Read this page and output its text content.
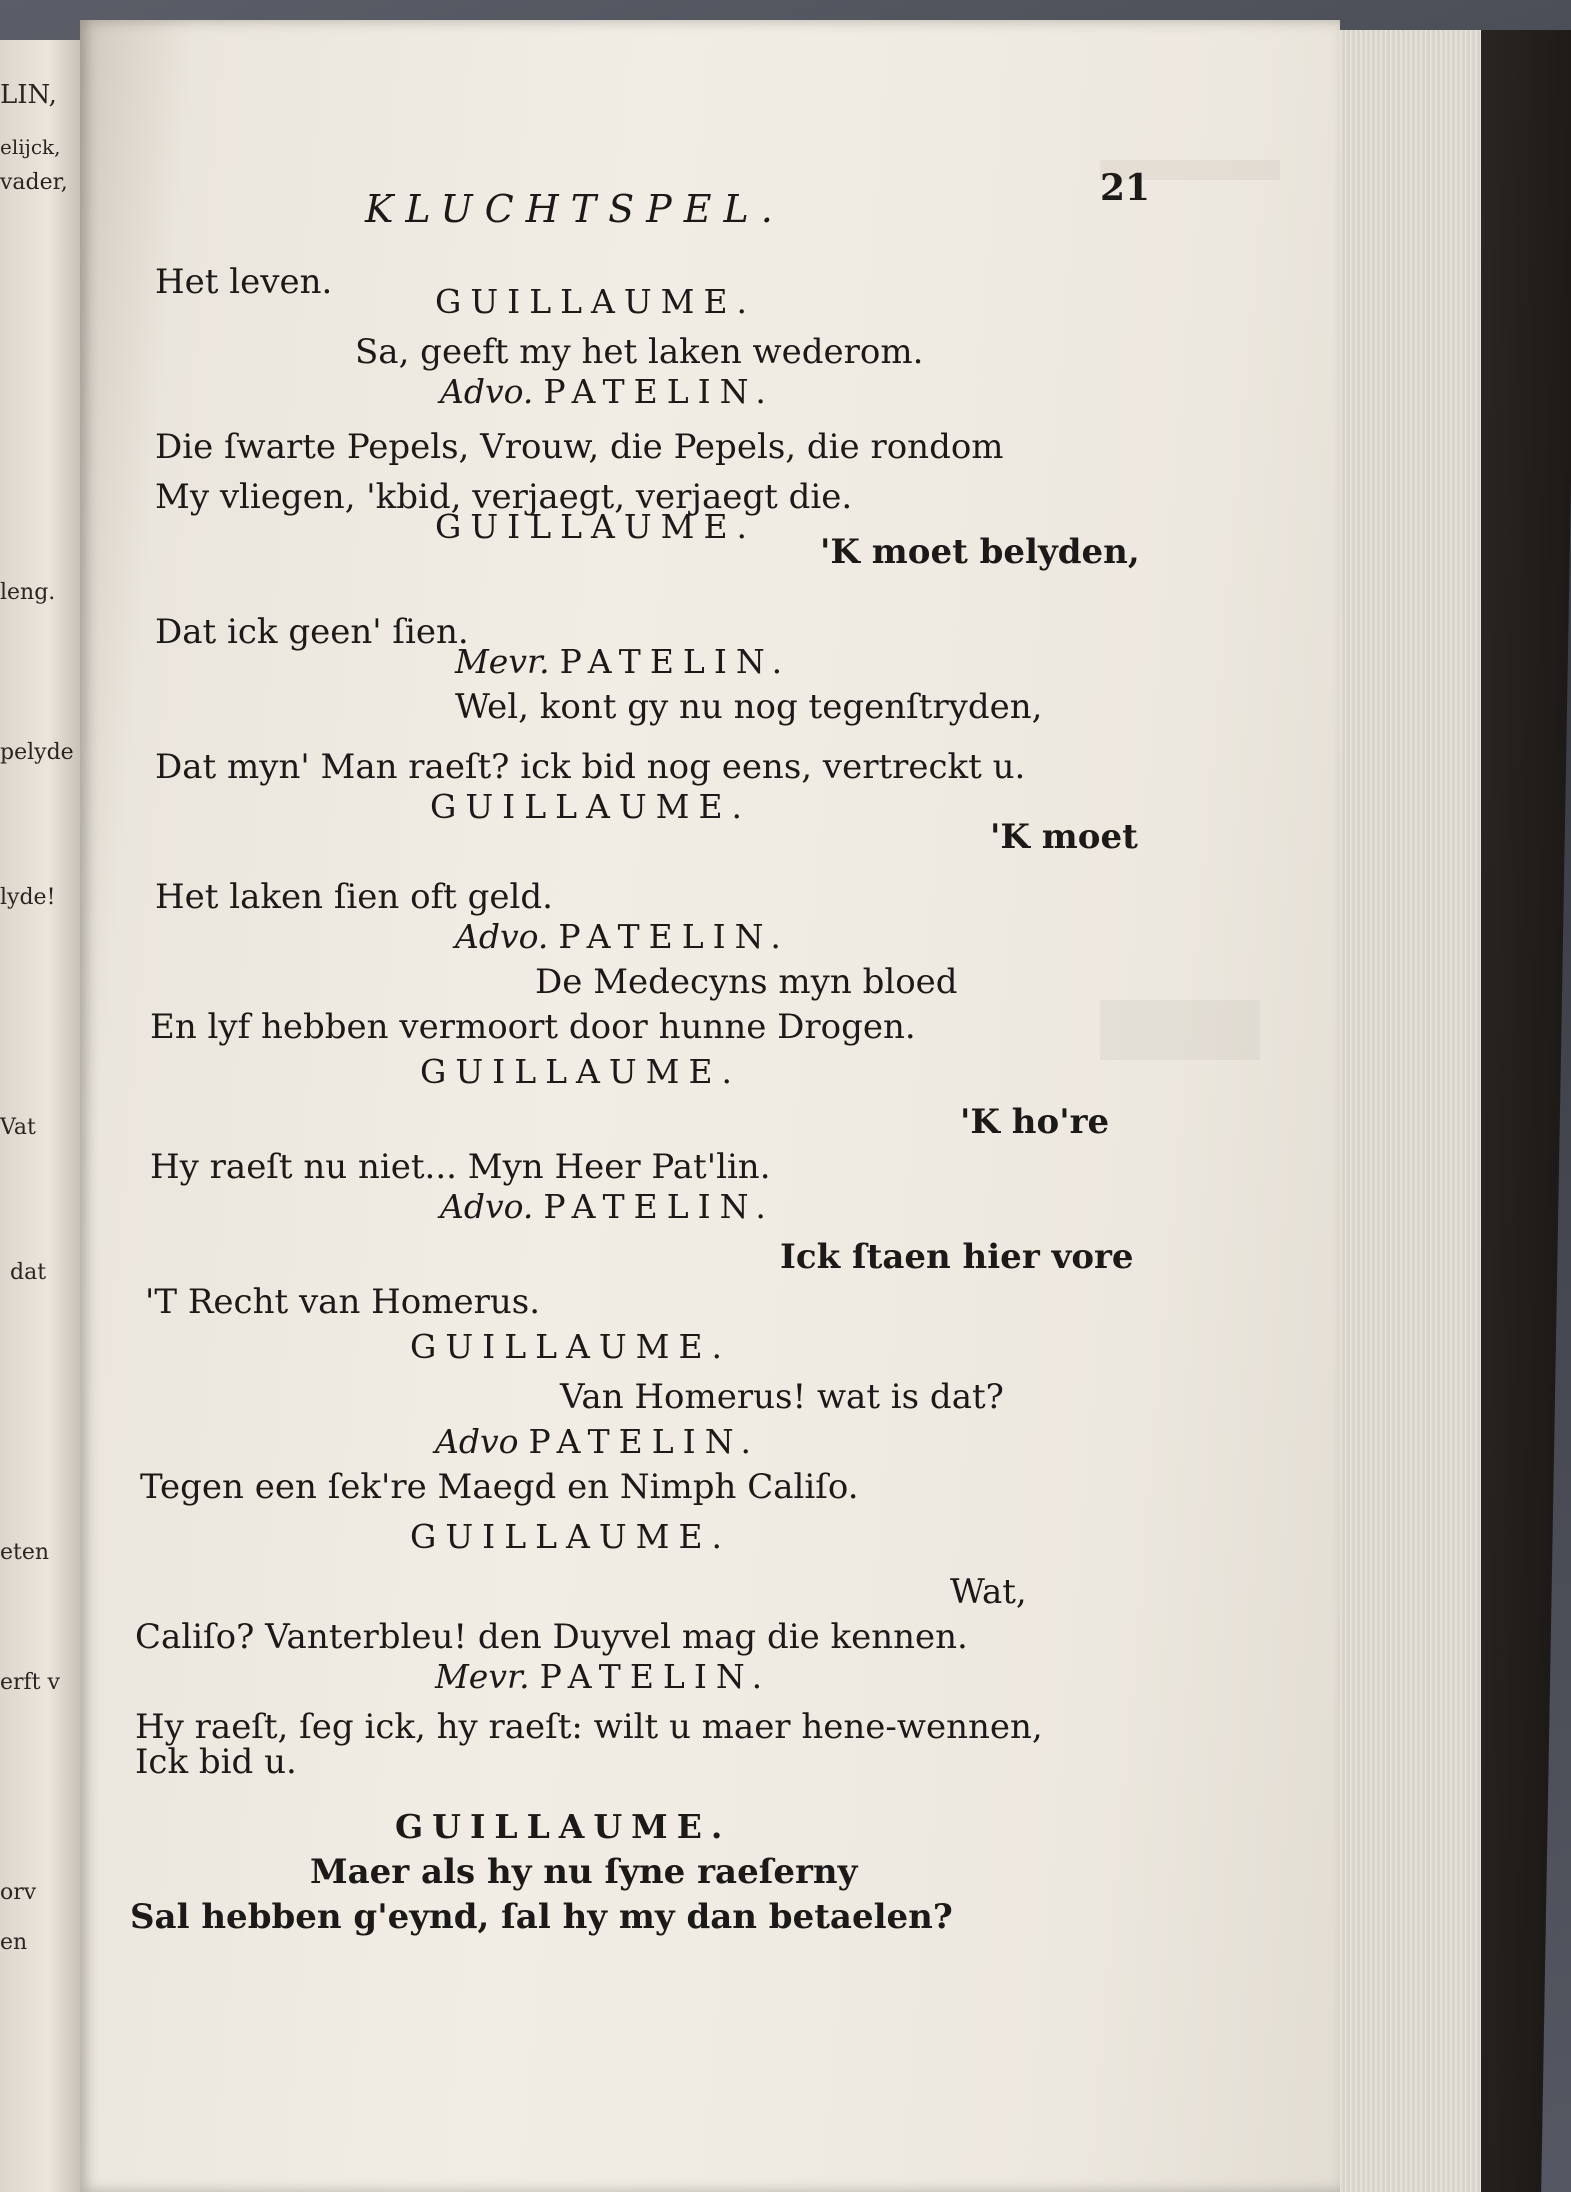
LIN,
elijck,
vader,
leng.
pelyde
lyde!
Vat
dat
eten
erft v
orv
en
KLUCHTSPEL.	21
Het leven.	GUILLAUME.
Sa, geeft my het laken wederom.
Advo. PATELIN.
Die ſwarte Pepels, Vrouw, die Pepels, die rondom
My vliegen, 'kbid, verjaegt, verjaegt die.
GUILLAUME.
'K moet belyden,
Dat ick geen' ſien.
Mevr. PATELIN.
Wel, kont gy nu nog tegenſtryden,
Dat myn' Man raeſt? ick bid nog eens, vertreckt u.
GUILLAUME.
'K moet
Het laken ſien oft geld.
Advo. PATELIN.
De Medecyns myn bloed
En lyf hebben vermoort door hunne Drogen.
GUILLAUME.
'K ho're
Hy raeſt nu niet... Myn Heer Pat'lin.
Advo. PATELIN.
Ick ſtaen hier vore
'T Recht van Homerus.
GUILLAUME.
Van Homerus! wat is dat?
Advo PATELIN.
Tegen een ſek're Maegd en Nimph Caliſo.
GUILLAUME.
Wat,
Caliſo? Vanterbleu! den Duyvel mag die kennen.
Mevr. PATELIN.
Hy raeſt, ſeg ick, hy raeſt: wilt u maer hene-wennen,
Ick bid u.
GUILLAUME.
Maer als hy nu ſyne raeſerny
Sal hebben g'eynd, ſal hy my dan betaelen?
